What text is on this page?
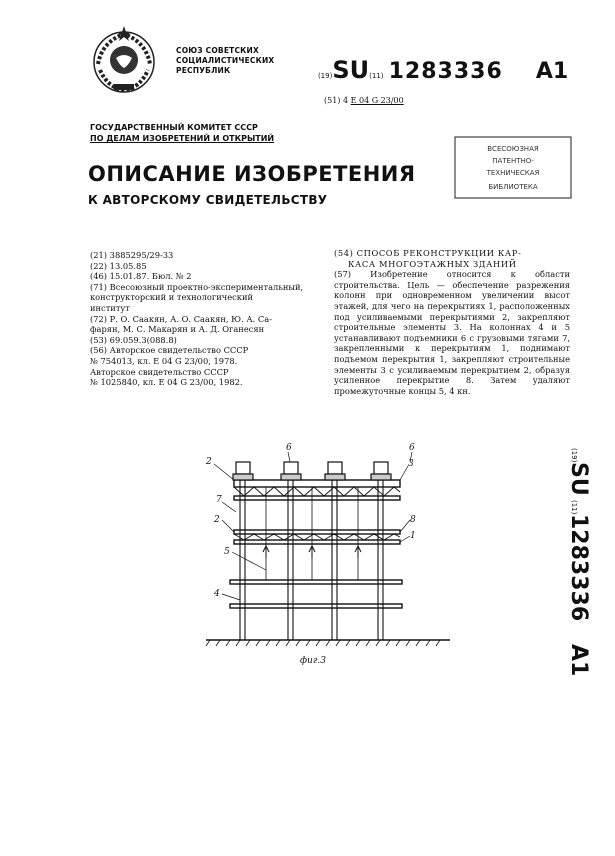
СОЮЗ СОВЕТСКИХ
СОЦИАЛИСТИЧЕСКИХ
РЕСПУБЛИК
(19)SU(11) 1283336 A1
(51) 4 E 04 G 23/00
ГОСУДАРСТВЕННЫЙ КОМИТЕТ СССР
ПО ДЕЛАМ ИЗОБРЕТЕНИЙ И ОТКРЫТИЙ
ВСЕСОЮЗНАЯ
ПАТЕНТНО-
ТЕХНИЧЕСКАЯ
БИБЛИОТЕКА
ОПИСАНИЕ ИЗОБРЕТЕНИЯ
К АВТОРСКОМУ СВИДЕТЕЛЬСТВУ
(21) 3885295/29-33
(22) 13.05.85
(46) 15.01.87. Бюл. № 2
(71) Всесоюзный проектно-экспериментальный,
конструкторский и технологический
институт
(72) Р. О. Саакян, А. О. Саакян, Ю. А. Са-
фарян, М. С. Макарян и А. Д. Оганесян
(53) 69.059.3(088.8)
(56) Авторское свидетельство СССР
№ 754013, кл. Е 04 G 23/00, 1978.
Авторское свидетельство СССР
№ 1025840, кл. Е 04 G 23/00, 1982.
(54) СПОСОБ РЕКОНСТРУКЦИИ КАР-
КАСА МНОГОЭТАЖНЫХ ЗДАНИЙ
(57) Изобретение относится к области строительства. Цель — обеспечение разрежения колонн при одновременном увеличении высот этажей, для чего на перекрытиях 1, расположенных под усиливаемыми перекрытиями 2, закрепляют строительные элементы 3. На колоннах 4 и 5 устанавливают подъемники 6 с грузовыми тягами 7, закрепленными к перекрытиям 1, поднимают подъемом перекрытия 1, закрепляют строительные элементы 3 с усиливаемым перекрытием 2, образуя усиленное перекрытие 8. Затем удаляют промежуточные концы 5, 4 кн.
(19)
SU
(11)
1283336
A1
2
6	6
3
7
2	8
1
5
4
фиг.3
